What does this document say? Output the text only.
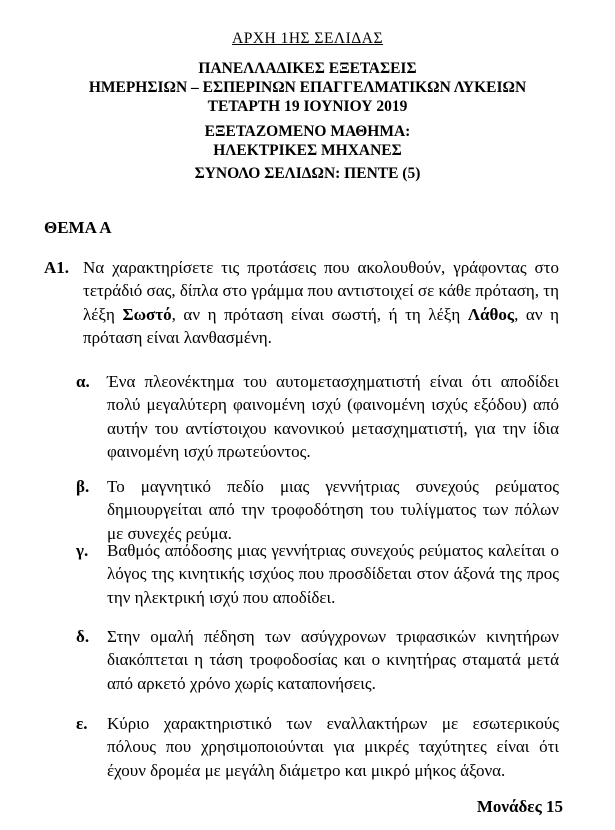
ΑΡΧΗ 1ΗΣ ΣΕΛΙΔΑΣ
ΠΑΝΕΛΛΑΔΙΚΕΣ ΕΞΕΤΑΣΕΙΣ
ΗΜΕΡΗΣΙΩΝ – ΕΣΠΕΡΙΝΩΝ ΕΠΑΓΓΕΛΜΑΤΙΚΩΝ ΛΥΚΕΙΩΝ
ΤΕΤΑΡΤΗ 19 ΙΟΥΝΙΟΥ 2019
ΕΞΕΤΑΖΟΜΕΝΟ ΜΑΘΗΜΑ:
ΗΛΕΚΤΡΙΚΕΣ ΜΗΧΑΝΕΣ
ΣΥΝΟΛΟ ΣΕΛΙΔΩΝ: ΠΕΝΤΕ (5)
ΘΕΜΑ Α
Α1. Να χαρακτηρίσετε τις προτάσεις που ακολουθούν, γράφοντας στο τετράδιό σας, δίπλα στο γράμμα που αντιστοιχεί σε κάθε πρόταση, τη λέξη Σωστό, αν η πρόταση είναι σωστή, ή τη λέξη Λάθος, αν η πρόταση είναι λανθασμένη.
α. Ένα πλεονέκτημα του αυτομετασχηματιστή είναι ότι αποδίδει πολύ μεγαλύτερη φαινομένη ισχύ (φαινομένη ισχύς εξόδου) από αυτήν του αντίστοιχου κανονικού μετασχηματιστή, για την ίδια φαινομένη ισχύ πρωτεύοντος.
β. Το μαγνητικό πεδίο μιας γεννήτριας συνεχούς ρεύματος δημιουργείται από την τροφοδότηση του τυλίγματος των πόλων με συνεχές ρεύμα.
γ. Βαθμός απόδοσης μιας γεννήτριας συνεχούς ρεύματος καλείται ο λόγος της κινητικής ισχύος που προσδίδεται στον άξονά της προς την ηλεκτρική ισχύ που αποδίδει.
δ. Στην ομαλή πέδηση των ασύγχρονων τριφασικών κινητήρων διακόπτεται η τάση τροφοδοσίας και ο κινητήρας σταματά μετά από αρκετό χρόνο χωρίς καταπονήσεις.
ε. Κύριο χαρακτηριστικό των εναλλακτήρων με εσωτερικούς πόλους που χρησιμοποιούνται για μικρές ταχύτητες είναι ότι έχουν δρομέα με μεγάλη διάμετρο και μικρό μήκος άξονα.
Μονάδες 15
